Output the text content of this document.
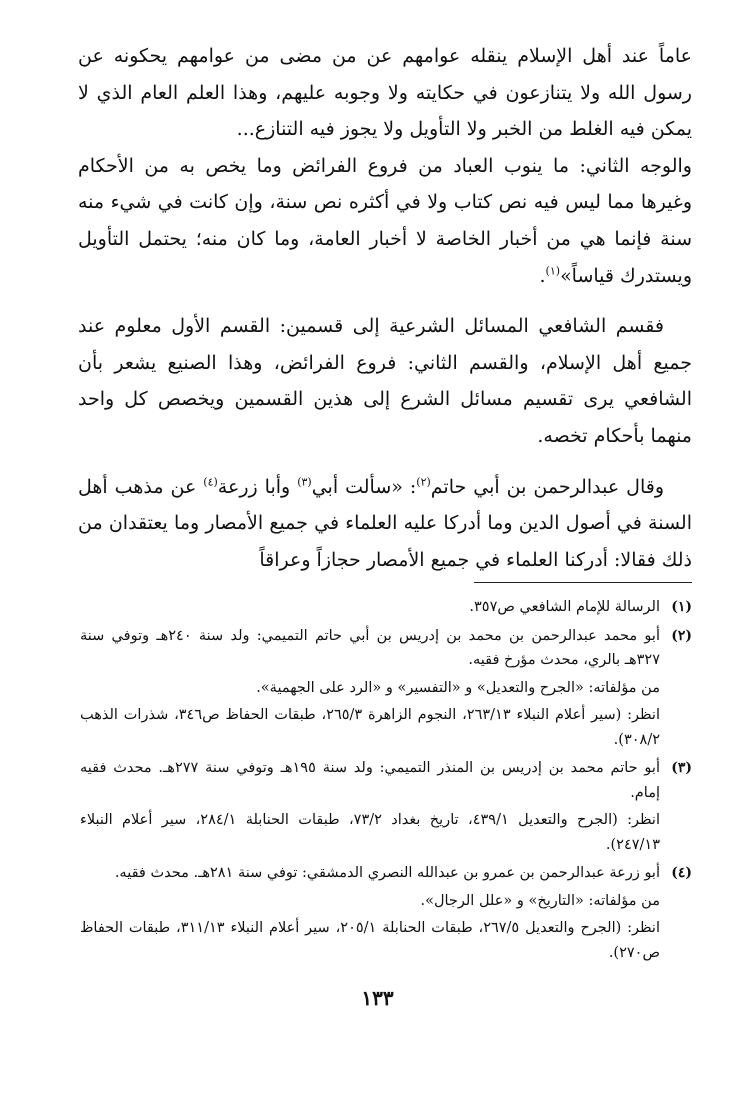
عاماً عند أهل الإسلام ينقله عوامهم عن من مضى من عوامهم يحكونه عن رسول الله ولا يتنازعون في حكايته ولا وجوبه عليهم، وهذا العلم العام الذي لا يمكن فيه الغلط من الخبر ولا التأويل ولا يجوز فيه التنازع...

والوجه الثاني: ما ينوب العباد من فروع الفرائض وما يخص به من الأحكام وغيرها مما ليس فيه نص كتاب ولا في أكثره نص سنة، وإن كانت في شيء منه سنة فإنما هي من أخبار الخاصة لا أخبار العامة، وما كان منه؛ يحتمل التأويل ويستدرك قياساً»$^{(١)}$.

فقسم الشافعي المسائل الشرعية إلى قسمين: القسم الأول معلوم عند جميع أهل الإسلام، والقسم الثاني: فروع الفرائض، وهذا الصنيع يشعر بأن الشافعي يرى تقسيم مسائل الشرع إلى هذين القسمين ويخصص كل واحد منهما بأحكام تخصه.

وقال عبدالرحمن بن أبي حاتم$^{(٢)}$: «سألت أبي$^{(٣)}$ وأبا زرعة$^{(٤)}$ عن مذهب أهل السنة في أصول الدين وما أدركا عليه العلماء في جميع الأمصار وما يعتقدان من ذلك فقالا: أدركنا العلماء في جميع الأمصار حجازاً وعراقاً

(١)

الرسالة للإمام الشافعي ص٣٥٧.

(٢)

أبو محمد عبدالرحمن بن محمد بن إدريس بن أبي حاتم التميمي: ولد سنة ٢٤٠هـ وتوفي سنة ٣٢٧هـ بالري، محدث مؤرخ فقيه.

من مؤلفاته: «الجرح والتعديل» و «التفسير» و «الرد على الجهمية».

انظر: (سير أعلام النبلاء ٢٦٣/١٣، النجوم الزاهرة ٢٦٥/٣، طبقات الحفاظ ص٣٤٦، شذرات الذهب ٣٠٨/٢).

(٣)

أبو حاتم محمد بن إدريس بن المنذر التميمي: ولد سنة ١٩٥هـ وتوفي سنة ٢٧٧هـ. محدث فقيه إمام.

انظر: (الجرح والتعديل ٤٣٩/١، تاريخ بغداد ٧٣/٢، طبقات الحنابلة ٢٨٤/١، سير أعلام النبلاء ٢٤٧/١٣).

(٤)

أبو زرعة عبدالرحمن بن عمرو بن عبدالله النصري الدمشقي: توفي سنة ٢٨١هـ. محدث فقيه.

من مؤلفاته: «التاريخ» و «علل الرجال».

انظر: (الجرح والتعديل ٢٦٧/٥، طبقات الحنابلة ٢٠٥/١، سير أعلام النبلاء ٣١١/١٣، طبقات الحفاظ ص٢٧٠).

١٣٣
